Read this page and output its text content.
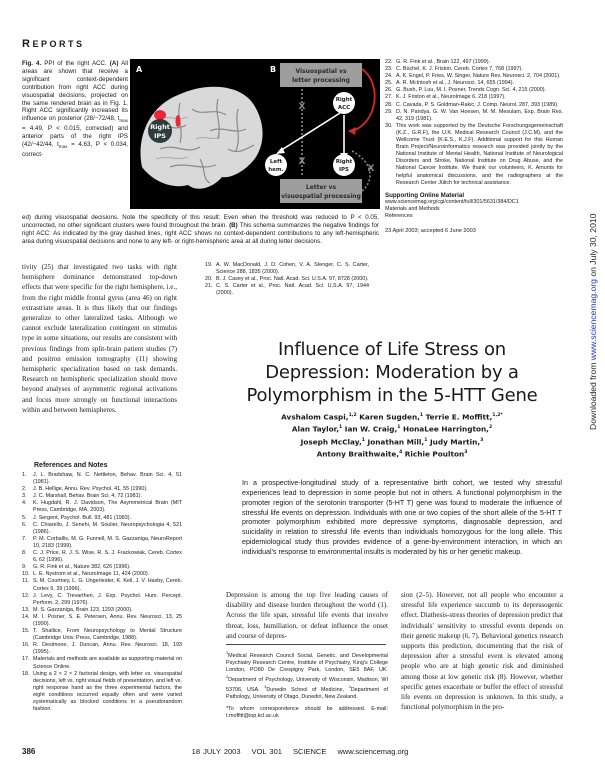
REPORTS
Fig. 4. PPI of the right ACC. (A) All areas are shown that receive a significant context-dependent contribution from right ACC during visuospatial decisions, projected on the same rendered brain as in Fig. 1. Right ACC significantly increased its influence on posterior (28/−72/48, $t_{max} = 4.49$, P < 0.015, corrected) and anterior parts of the right IPS (42/−42/44, $t_{max} = 4.63$, P < 0.034, correct-
Right
IPS
A	B	Visuospatial vs
letter processing
Letter vs
visuospatial processing
X
X
X
Right
ACC
Left
hem.
Right
IPS
ed) during visuospatial decisions. Note the specificity of this result: Even when the threshold was reduced to P < 0.05, uncorrected, no other significant clusters were found throughout the brain. (B) This schema summarizes the negative findings for right ACC: As indicated by the gray dashed lines, right ACC shows no context-dependent contributions to any left-hemispheric area during visuospatial decisions and none to any left- or right-hemispheric area at all during letter decisions.
22. G. R. Fink et al., Brain 122, 497 (1999).
23. C. Büchel, K. J. Friston, Cereb. Cortex 7, 768 (1997).
24. A. K. Engel, P. Fries, W. Singer, Nature Rev. Neurosci. 2, 704 (2001).
25. A. R. McIntosh et al., J. Neurosci. 14, 655 (1994).
26. G. Bush, P. Luu, M. I. Posner, Trends Cogn. Sci. 4, 215 (2000).
27. K. J. Friston et al., NeuroImage 6, 218 (1997).
28. C. Cavada, P. S. Goldman-Rakic, J. Comp. Neurol. 287, 393 (1989).
29. D. N. Pandya, G. W. Van Hoesen, M. M. Mesulam, Exp. Brain Res. 42, 319 (1981).
30. This work was supported by the Deutsche Forschungsgemeinschaft (K.Z., G.R.F), the U.K. Medical Research Council (J.C.M), and the Wellcome Trust (K.E.S., K.J.F). Additional support for this Human Brain Project/Neuroinformatics research was provided jointly by the National Institute of Mental Health, National Institute of Neurological Disorders and Stroke, National Institute on Drug Abuse, and the National Cancer Institute. We thank our volunteers, K. Amunts for helpful anatomical discussions, and the radiographers at the Research Center Jülich for technical assistance.
Supporting Online Material
www.sciencemag.org/cgi/content/full/301/5631/384/DC1
Materials and Methods
References
23 April 2003; accepted 6 June 2003
tivity (25) that investigated two tasks with right hemisphere dominance demonstrated top-down effects that were specific for the right hemisphere, i.e., from the right middle frontal gyrus (area 46) on right extrastriate areas. It is thus likely that our findings generalize to other lateralized tasks. Although we cannot exclude lateralization contingent on stimulus type in some situations, our results are consistent with previous findings from split-brain patient studies (7) and positron emission tomography (11) showing hemispheric specialization based on task demands. Research on hemispheric specialization should move beyond analyses of asymmetric regional activations and focus more strongly on functional interactions within and between hemispheres.
19. A. W. MacDonald, J. D. Cohen, V. A. Stenger, C. S. Carter, Science 288, 1835 (2000).
20. B. J. Casey et al., Proc. Natl. Acad. Sci. U.S.A. 97, 8728 (2000).
21. C. S. Carter et al., Proc. Natl. Acad. Sci. U.S.A. 97, 1944 (2000).
References and Notes
1.	J. L. Bradshaw, N. C. Nettleton, Behav. Brain Sci. 4, 51 (1981).
2.	J. B. Hellige, Annu. Rev. Psychol. 41, 55 (1990).
3.	J. C. Marshall, Behav. Brain Sci. 4, 72 (1981).
4.	K. Hugdahl, R. J. Davidson, The Asymmetrical Brain (MIT Press, Cambridge, MA, 2003).
5.	J. Sergent, Psychol. Bull. 93, 481 (1983).
6.	C. Chiarello, J. Senehi, M. Soulier, Neuropsychologia 4, 521 (1986).
7.	P. M. Corballis, M. G. Funnell, M. S. Gazzaniga, NeuroReport 10, 2183 (1999).
8.	C. J. Price, R. J. S. Wise, R. S. J. Frackowiak, Cereb. Cortex 6, 62 (1996).
9.	G. R. Fink et al., Nature 382, 626 (1996).
10. L. E. Nystrom et al., NeuroImage 11, 424 (2000).
11. S. M. Courtney, L. G. Ungerleider, K. Keil, J. V. Haxby, Cereb. Cortex 6, 39 (1996).
12. J. Levy, C. Trevarthen, J. Exp. Psychol. Hum. Percept. Perform. 2, 299 (1976).
13. M. S. Gazzaniga, Brain 123, 1293 (2000).
14. M. I. Posner, S. E. Petersen, Annu. Rev. Neurosci. 13, 25 (1990).
15. T. Shallice, From Neuropsychology to Mental Structure (Cambridge Univ. Press, Cambridge, 1988).
16. R. Desimone, J. Duncan, Annu. Rev. Neurosci. 18, 193 (1995).
17. Materials and methods are available as supporting material on Science Online.
18. Using a 2 × 2 × 2 factorial design, with letter vs. visuospatial decisions, left vs. right visual fields of presentation, and left vs. right response hand as the three experimental factors, the eight conditions occurred equally often and were varied systematically as blocked conditions in a pseudorandom fashion.
Influence of Life Stress on Depression: Moderation by a Polymorphism in the 5-HTT Gene
Avshalom Caspi,$^{1,2}$ Karen Sugden,$^1$ Terrie E. Moffitt,$^{1,2*}$
Alan Taylor,$^1$ Ian W. Craig,$^1$ HonaLee Harrington,$^2$
Joseph McClay,$^1$ Jonathan Mill,$^1$ Judy Martin,$^3$
Antony Braithwaite,$^4$ Richie Poulton$^3$
In a prospective-longitudinal study of a representative birth cohort, we tested why stressful experiences lead to depression in some people but not in others. A functional polymorphism in the promoter region of the serotonin transporter (5-HT T) gene was found to moderate the influence of stressful life events on depression. Individuals with one or two copies of the short allele of the 5-HT T promoter polymorphism exhibited more depressive symptoms, diagnosable depression, and suicidality in relation to stressful life events than individuals homozygous for the long allele. This epidemiological study thus provides evidence of a gene-by-environment interaction, in which an individual's response to environmental insults is moderated by his or her genetic makeup.
Depression is among the top five leading causes of disability and disease burden throughout the world (1). Across the life span, stressful life events that involve threat, loss, humiliation, or defeat influence the onset and course of depres-
$^1$Medical Research Council Social, Genetic, and Developmental Psychiatry Research Centre, Institute of Psychiatry, King's College London, PO80 De Crespigny Park, London, SE5 8AF, UK. $^2$Department of Psychology, University of Wisconsin, Madison, WI 53706, USA. $^3$Dunedin School of Medicine, $^4$Department of Pathology, University of Otago, Dunedin, New Zealand.
*To whom correspondence should be addressed. E-mail: t.moffitt@iop.kcl.ac.uk
sion (2–5). However, not all people who encounter a stressful life experience succumb to its depressogenic effect. Diathesis-stress theories of depression predict that individuals' sensitivity to stressful events depends on their genetic makeup (6, 7). Behavioral genetics research supports this prediction, documenting that the risk of depression after a stressful event is elevated among people who are at high genetic risk and diminished among those at low genetic risk (8). However, whether specific genes exacerbate or buffer the effect of stressful life events on depression is unknown. In this study, a functional polymorphism in the pro-
386	18 JULY 2003 VOL 301 SCIENCE www.sciencemag.org
Downloaded from www.sciencemag.org on July 30, 2010
